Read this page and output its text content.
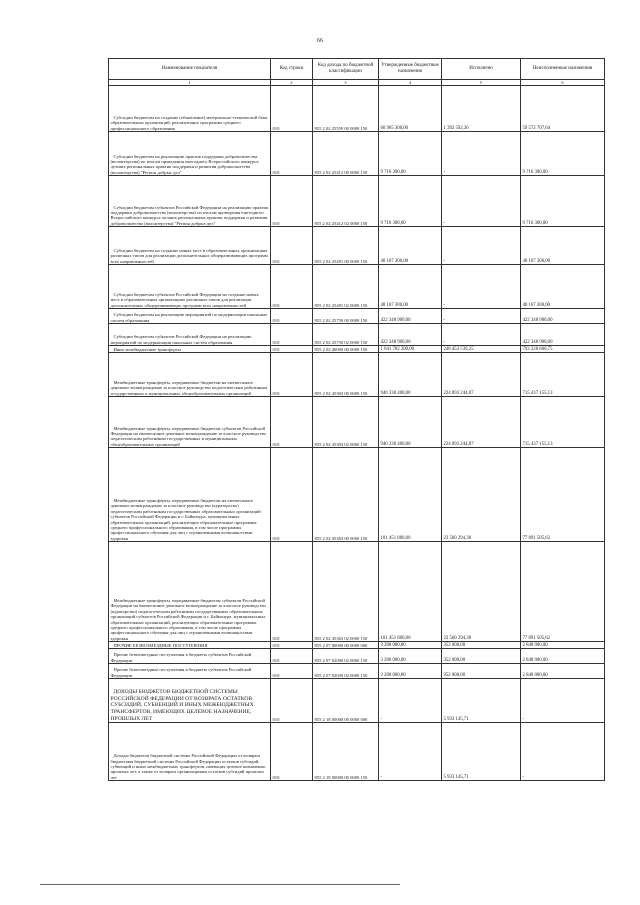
66
Наименование показателя	Код строки	Код дохода по бюджетной классификации	Утвержденные бюджетные назначения	Исполнено	Неисполненные назначения
1	2	3	4	5	6

Субсидии бюджетам на создание (обновление) материально-технической базы образовательных организаций, реализующих программы среднего профессионального образования	010	855 2 02 25559 00 0000 150	60 965 300,00	1 392 592,36	59 572 707,64

Субсидии бюджетам на реализацию практик поддержки добровольчества (волонтерства) по итогам проведения ежегодного Всероссийского конкурса лучших региональных практик поддержки и развития добровольчества (волонтерства) "Регион добрых дел"	010	855 2 02 25412 00 0000 150	9 716 300,00	-	9 716 300,00

Субсидии бюджетам субъектов Российской Федерации на реализацию практик поддержки добровольчества (волонтерства) по итогам проведения ежегодного Всероссийского конкурса лучших региональных практик поддержки и развития добровольчества (волонтерства) "Регион добрых дел"	010	855 2 02 25412 02 0000 150	9 716 300,00	-	9 716 300,00

Субсидии бюджетам на создание новых мест в образовательных организациях различных типов для реализации дополнительных общеразвивающих программ всех направленностей	010	855 2 02 25491 00 0000 150	40 167 300,00	-	40 167 300,00

Субсидии бюджетам субъектов Российской Федерации на создание новых мест в образовательных организациях различных типов для реализации дополнительных общеразвивающих программ всех направленностей	010	855 2 02 25491 02 0000 150	40 167 300,00	-	40 167 300,00

Субсидии бюджетам на реализацию мероприятий по модернизации школьных систем образования	010	855 2 02 25750 00 0000 150	422 348 900,00	-	422 348 900,00

Субсидии бюджетам субъектов Российской Федерации на реализацию мероприятий по модернизации школьных систем образования	010	855 2 02 25750 02 0000 150	422 348 900,00	-	422 348 900,00

Иные межбюджетные трансферты	010	855 2 02 40000 00 0000 150	1 041 782 200,00	248 453 539,25	793 328 660,75

Межбюджетные трансферты, передаваемые бюджетам на ежемесячное денежное вознаграждение за классное руководство педагогическим работникам государственных и муниципальных общеобразовательных организаций	010	855 2 02 45303 00 0000 150	940 330 400,00	224 893 244,87	715 437 155,13

Межбюджетные трансферты, передаваемые бюджетам субъектов Российской Федерации на ежемесячное денежное вознаграждение за классное руководство педагогическим работникам государственных и муниципальных общеобразовательных организаций	010	855 2 02 45303 02 0000 150	940 330 400,00	224 893 244,87	715 437 155,13

Межбюджетные трансферты, передаваемые бюджетам на ежемесячное денежное вознаграждение за классное руководство (кураторство) педагогическим работникам государственных образовательных организаций субъектов Российской Федерации и г. Байконура, муниципальных образовательных организаций, реализующих образовательные программы среднего профессионального образования, в том числе программы профессионального обучения для лиц с ограниченными возможностями здоровья	010	855 2 02 45363 00 0000 150	101 451 800,00	23 560 294,38	77 891 505,62

Межбюджетные трансферты, передаваемые бюджетам субъектов Российской Федерации на ежемесячное денежное вознаграждение за классное руководство (кураторство) педагогическим работникам государственных образовательных организаций субъектов Российской Федерации и г. Байконура, муниципальных образовательных организаций, реализующих образовательные программы среднего профессионального образования, в том числе программы профессионального обучения для лиц с ограниченными возможностями здоровья	010	855 2 02 45363 02 0000 150	101 451 800,00	23 560 294,38	77 891 505,62

ПРОЧИЕ БЕЗВОЗМЕЗДНЫЕ ПОСТУПЛЕНИЯ	010	855 2 07 00000 00 0000 000	3 200 000,00	352 000,00	2 848 000,00

Прочие безвозмездные поступления в бюджеты субъектов Российской Федерации	010	855 2 07 02000 02 0000 150	3 200 000,00	352 000,00	2 848 000,00

Прочие безвозмездные поступления в бюджеты субъектов Российской Федерации	010	855 2 07 02030 02 0000 150	3 200 000,00	352 000,00	2 848 000,00

ДОХОДЫ БЮДЖЕТОВ БЮДЖЕТНОЙ СИСТЕМЫ РОССИЙСКОЙ ФЕДЕРАЦИИ ОТ ВОЗВРАТА ОСТАТКОВ СУБСИДИЙ, СУБВЕНЦИЙ И ИНЫХ МЕЖБЮДЖЕТНЫХ ТРАНСФЕРТОВ, ИМЕЮЩИХ ЦЕЛЕВОЕ НАЗНАЧЕНИЕ, ПРОШЛЫХ ЛЕТ	010	855 2 18 00000 00 0000 000	-	5 933 145,71	-

Доходы бюджетов бюджетной системы Российской Федерации от возврата бюджетами бюджетной системы Российской Федерации остатков субсидий, субвенций и иных межбюджетных трансфертов, имеющих целевое назначение, прошлых лет, а также от возврата организациями остатков субсидий прошлых лет	010	855 2 18 00000 00 0000 150	-	5 933 145,71	-
